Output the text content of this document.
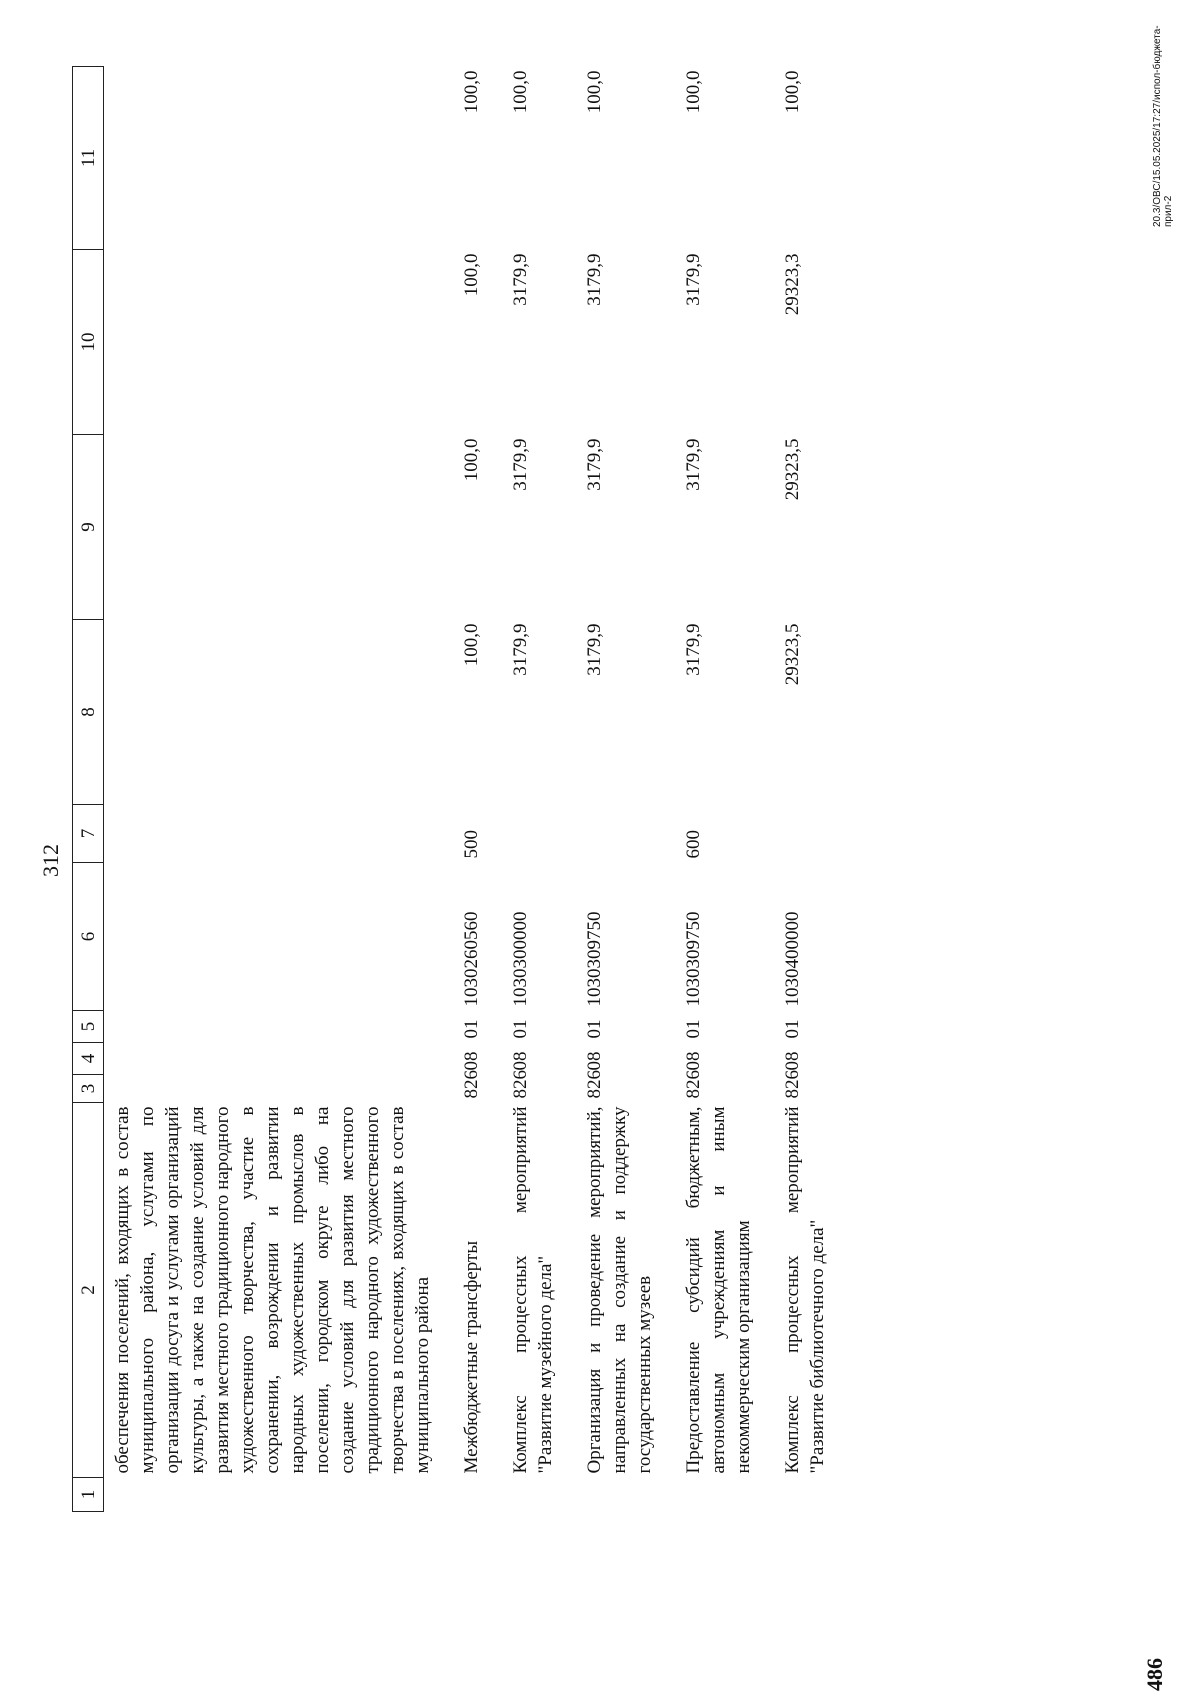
312
1	2	3	4	5	6	7	8	9	10	11
	обеспечения поселений, входящих в состав муниципального района, услугами по организации досуга и услугами организаций культуры, а также на создание условий для развития местного традиционного народного художественного творчества, участие в сохранении, возрождении и развитии народных художественных промыслов в поселении, городском округе либо на создание условий для развития местного традиционного народного художественного творчества в поселениях, входящих в состав муниципального района									
	Межбюджетные трансферты	826	08	01	1030260560	500	100,0	100,0	100,0	100,0
	Комплекс процессных мероприятий "Развитие музейного дела"	826	08	01	1030300000		3179,9	3179,9	3179,9	100,0
	Организация и проведение мероприятий, направленных на создание и поддержку государственных музеев	826	08	01	1030309750		3179,9	3179,9	3179,9	100,0
	Предоставление субсидий бюджетным, автономным учреждениям и иным некоммерческим организациям	826	08	01	1030309750	600	3179,9	3179,9	3179,9	100,0
	Комплекс процессных мероприятий "Развитие библиотечного дела"	826	08	01	1030400000		29323,5	29323,5	29323,3	100,0
486
20.3/ОВС/15.05.2025/17:27/испол-бюджета-прил-2
